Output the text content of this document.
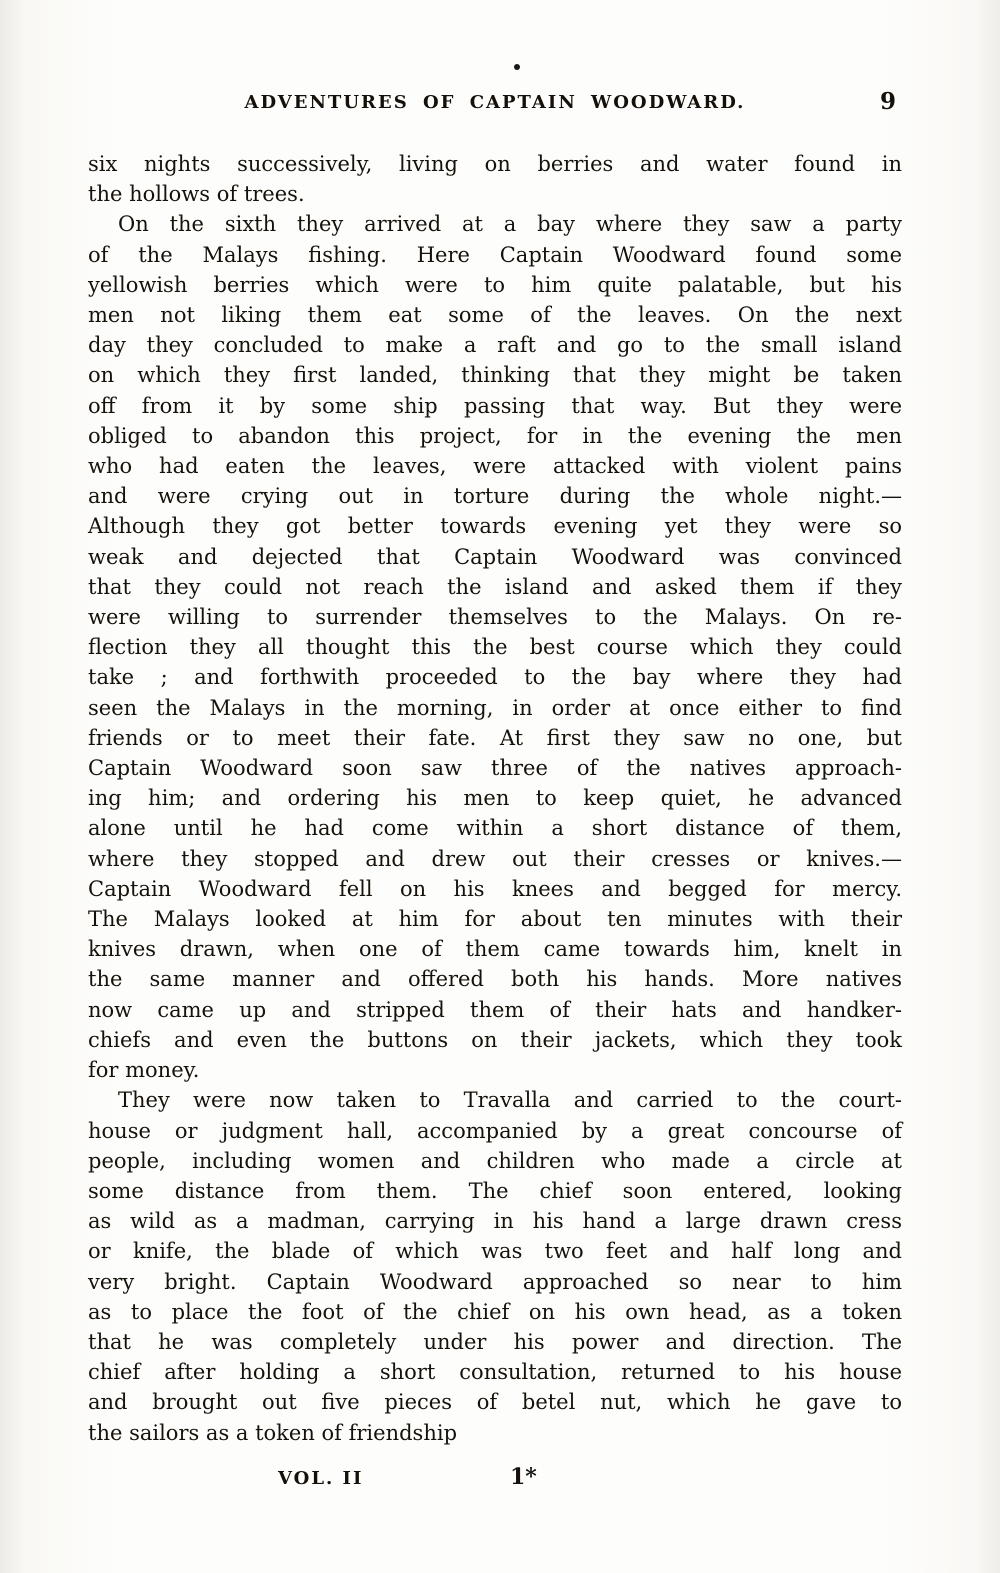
ADVENTURES OF CAPTAIN WOODWARD.	9
six nights successively, living on berries and water found in
the hollows of trees.
On the sixth they arrived at a bay where they saw a party
of the Malays fishing. Here Captain Woodward found some
yellowish berries which were to him quite palatable, but his
men not liking them eat some of the leaves. On the next
day they concluded to make a raft and go to the small island
on which they first landed, thinking that they might be taken
off from it by some ship passing that way. But they were
obliged to abandon this project, for in the evening the men
who had eaten the leaves, were attacked with violent pains
and were crying out in torture during the whole night.—
Although they got better towards evening yet they were so
weak and dejected that Captain Woodward was convinced
that they could not reach the island and asked them if they
were willing to surrender themselves to the Malays. On re-
flection they all thought this the best course which they could
take ; and forthwith proceeded to the bay where they had
seen the Malays in the morning, in order at once either to find
friends or to meet their fate. At first they saw no one, but
Captain Woodward soon saw three of the natives approach-
ing him; and ordering his men to keep quiet, he advanced
alone until he had come within a short distance of them,
where they stopped and drew out their cresses or knives.—
Captain Woodward fell on his knees and begged for mercy.
The Malays looked at him for about ten minutes with their
knives drawn, when one of them came towards him, knelt in
the same manner and offered both his hands. More natives
now came up and stripped them of their hats and handker-
chiefs and even the buttons on their jackets, which they took
for money.
They were now taken to Travalla and carried to the court-
house or judgment hall, accompanied by a great concourse of
people, including women and children who made a circle at
some distance from them. The chief soon entered, looking
as wild as a madman, carrying in his hand a large drawn cress
or knife, the blade of which was two feet and half long and
very bright. Captain Woodward approached so near to him
as to place the foot of the chief on his own head, as a token
that he was completely under his power and direction. The
chief after holding a short consultation, returned to his house
and brought out five pieces of betel nut, which he gave to
the sailors as a token of friendship
VOL. II	1*
